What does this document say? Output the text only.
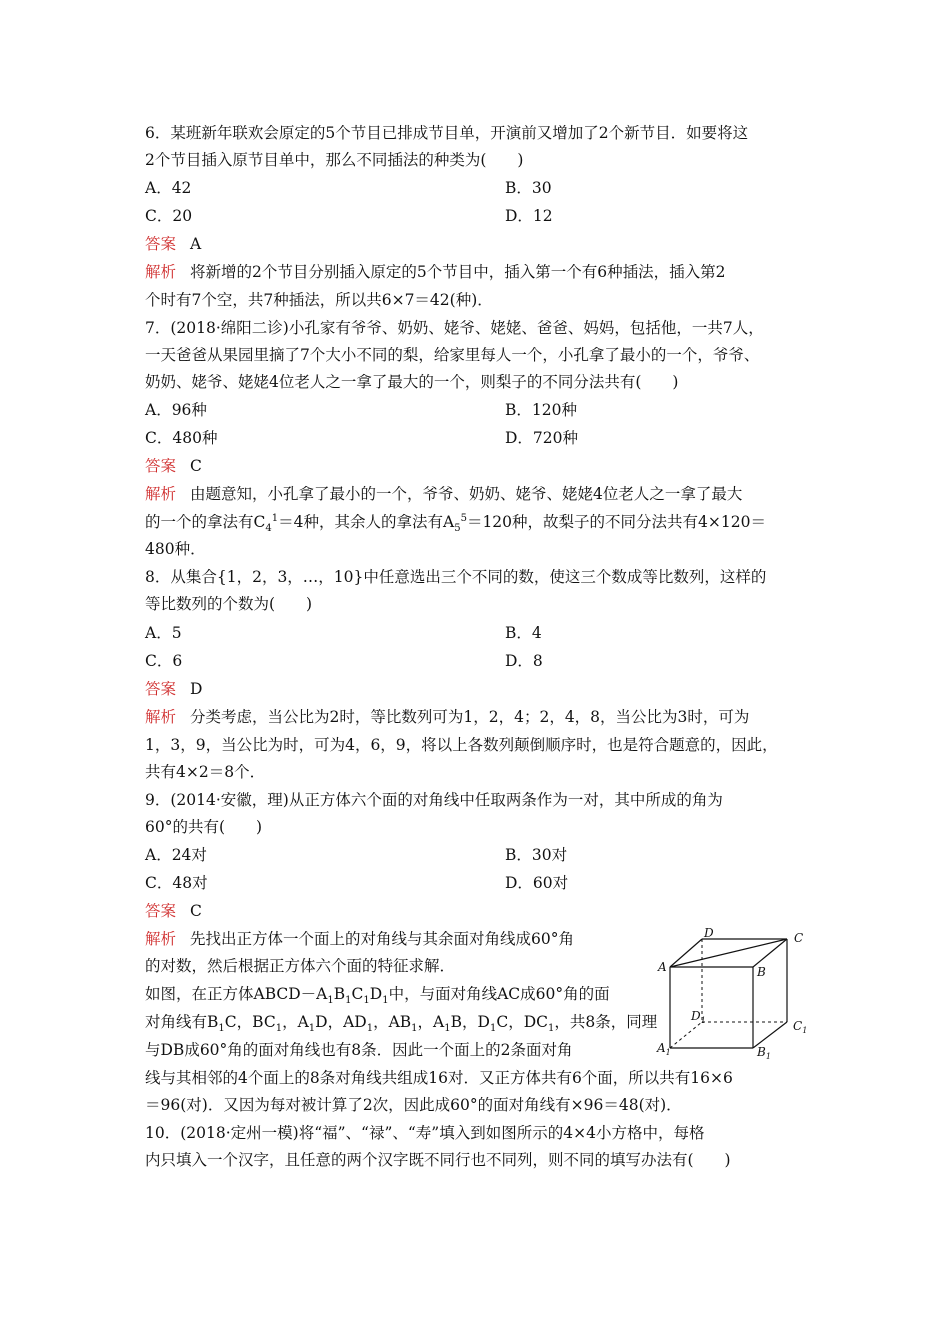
6．某班新年联欢会原定的5个节目已排成节目单，开演前又增加了2个新节目．如要将这
2个节目插入原节目单中，那么不同插法的种类为(　　)
A．42	B．30
C．20	D．12
答案 A
解析 将新增的2个节目分别插入原定的5个节目中，插入第一个有6种插法，插入第2
个时有7个空，共7种插法，所以共6×7＝42(种)．
7．(2018·绵阳二诊)小孔家有爷爷、奶奶、姥爷、姥姥、爸爸、妈妈，包括他，一共7人，
一天爸爸从果园里摘了7个大小不同的梨，给家里每人一个，小孔拿了最小的一个，爷爷、
奶奶、姥爷、姥姥4位老人之一拿了最大的一个，则梨子的不同分法共有(　　)
A．96种	B．120种
C．480种	D．720种
答案 C
解析 由题意知，小孔拿了最小的一个，爷爷、奶奶、姥爷、姥姥4位老人之一拿了最大
的一个的拿法有$C_4^1=4$种，其余人的拿法有$A_5^5=120$种，故梨子的不同分法共有4×120＝
480种．
8．从集合{1，2，3，…，10}中任意选出三个不同的数，使这三个数成等比数列，这样的
等比数列的个数为(　　)
A．5	B．4
C．6	D．8
答案 D
解析 分类考虑，当公比为2时，等比数列可为1，2，4；2，4，8，当公比为3时，可为
1，3，9，当公比为时，可为4，6，9，将以上各数列颠倒顺序时，也是符合题意的，因此，
共有4×2＝8个．
9．(2014·安徽，理)从正方体六个面的对角线中任取两条作为一对，其中所成的角为
60°的共有(　　)
A．24对	B．30对
C．48对	D．60对
答案 C
解析 先找出正方体一个面上的对角线与其余面对角线成60°角
的对数，然后根据正方体六个面的特征求解．
如图，在正方体$ABCD-A_1B_1C_1D_1$中，与面对角线AC成60°角的面
对角线有$B_1C$，$BC_1$，$A_1D$，$AD_1$，$AB_1$，$A_1B$，$D_1C$，$DC_1$，共8条，同理
与DB成60°角的面对角线也有8条．因此一个面上的2条面对角
线与其相邻的4个面上的8条对角线共组成16对．又正方体共有6个面，所以共有16×6
＝96(对)．又因为每对被计算了2次，因此成60°的面对角线有×96＝48(对)．
D	C
A	B
$D_1$	$C_1$
$A_1$	$B_1$
10．(2018·定州一模)将“福”、“禄”、“寿”填入到如图所示的4×4小方格中，每格
内只填入一个汉字，且任意的两个汉字既不同行也不同列，则不同的填写办法有(　　)
